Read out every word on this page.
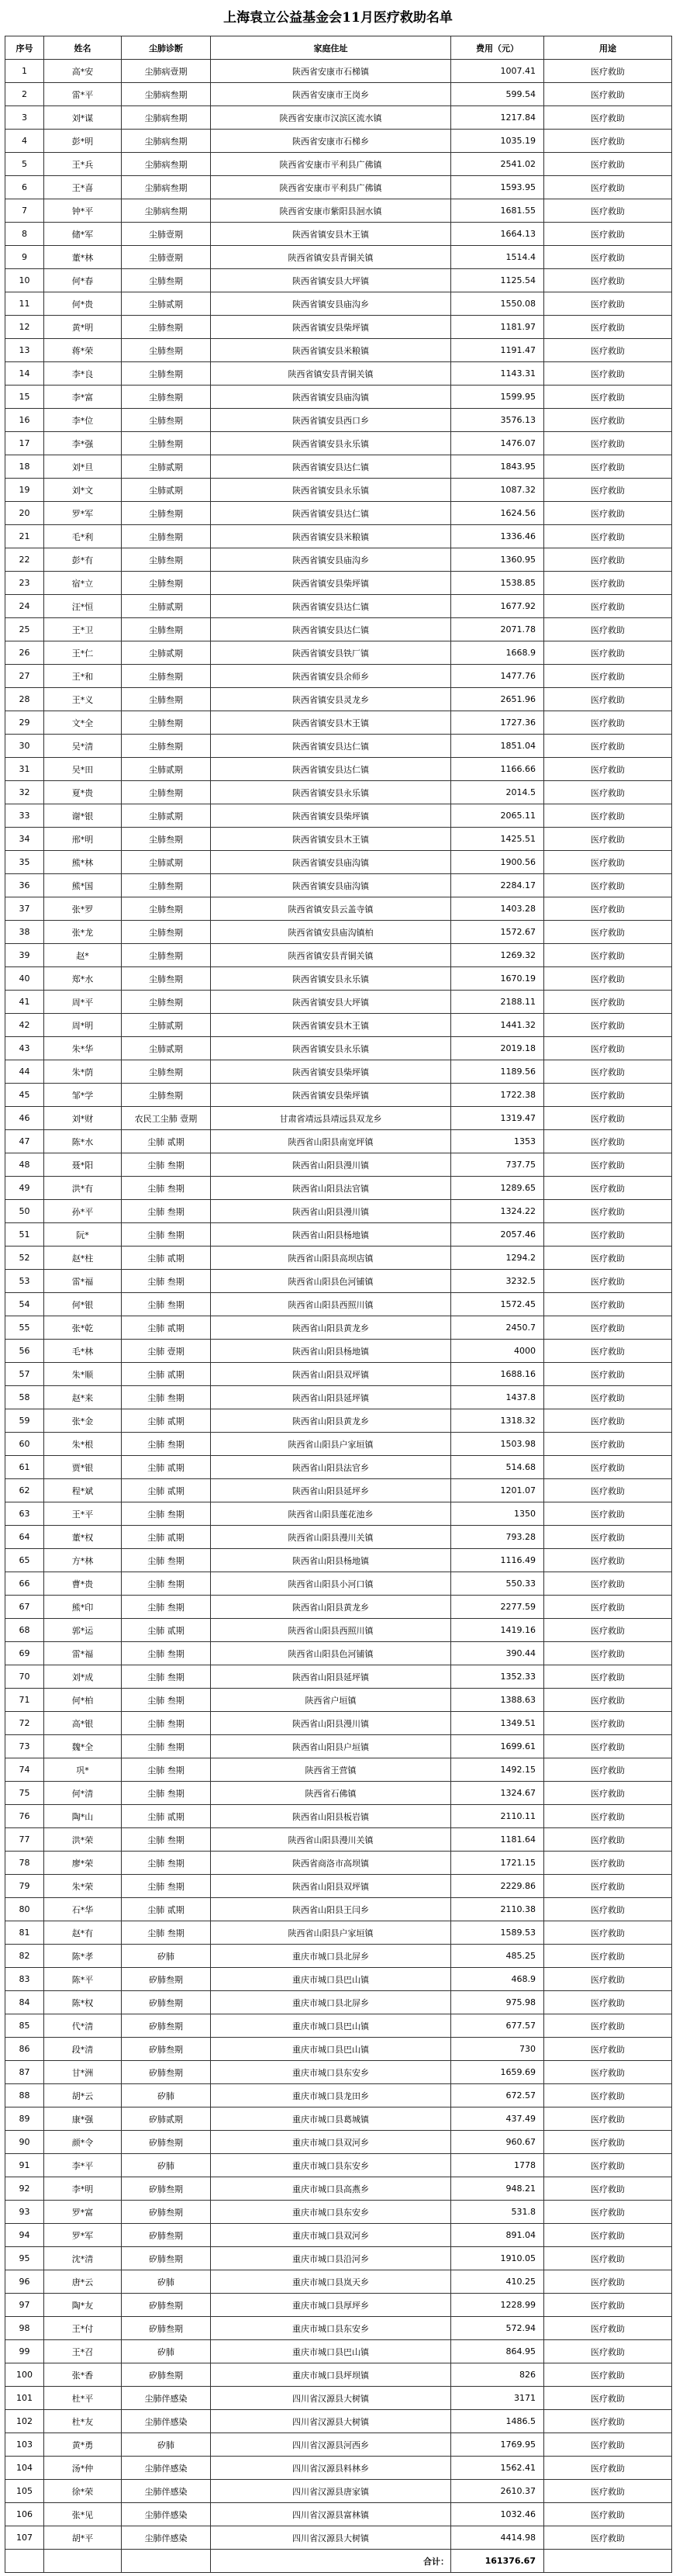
上海袁立公益基金会11月医疗救助名单
序号	姓名	尘肺诊断	家庭住址	费用（元）	用途
1	高*安	尘肺病壹期	陕西省安康市石梯镇	1007.41	医疗救助
2	雷*平	尘肺病叁期	陕西省安康市王岗乡	599.54	医疗救助
3	刘*谋	尘肺病叁期	陕西省安康市汉滨区流水镇	1217.84	医疗救助
4	彭*明	尘肺病叁期	陕西省安康市石梯乡	1035.19	医疗救助
5	王*兵	尘肺病叁期	陕西省安康市平利县广佛镇	2541.02	医疗救助
6	王*喜	尘肺病叁期	陕西省安康市平利县广佛镇	1593.95	医疗救助
7	钟*平	尘肺病叁期	陕西省安康市紫阳县洄水镇	1681.55	医疗救助
8	储*军	尘肺壹期	陕西省镇安县木王镇	1664.13	医疗救助
9	董*林	尘肺壹期	陕西省镇安县青铜关镇	1514.4	医疗救助
10	何*春	尘肺叁期	陕西省镇安县大坪镇	1125.54	医疗救助
11	何*贵	尘肺贰期	陕西省镇安县庙沟乡	1550.08	医疗救助
12	黄*明	尘肺叁期	陕西省镇安县柴坪镇	1181.97	医疗救助
13	蒋*荣	尘肺叁期	陕西省镇安县米粮镇	1191.47	医疗救助
14	李*良	尘肺叁期	陕西省镇安县青铜关镇	1143.31	医疗救助
15	李*富	尘肺叁期	陕西省镇安县庙沟镇	1599.95	医疗救助
16	李*位	尘肺叁期	陕西省镇安县西口乡	3576.13	医疗救助
17	李*强	尘肺叁期	陕西省镇安县永乐镇	1476.07	医疗救助
18	刘*旦	尘肺贰期	陕西省镇安县达仁镇	1843.95	医疗救助
19	刘*文	尘肺贰期	陕西省镇安县永乐镇	1087.32	医疗救助
20	罗*军	尘肺叁期	陕西省镇安县达仁镇	1624.56	医疗救助
21	毛*利	尘肺叁期	陕西省镇安县米粮镇	1336.46	医疗救助
22	彭*有	尘肺叁期	陕西省镇安县庙沟乡	1360.95	医疗救助
23	宿*立	尘肺叁期	陕西省镇安县柴坪镇	1538.85	医疗救助
24	汪*恒	尘肺贰期	陕西省镇安县达仁镇	1677.92	医疗救助
25	王*卫	尘肺叁期	陕西省镇安县达仁镇	2071.78	医疗救助
26	王*仁	尘肺贰期	陕西省镇安县铁厂镇	1668.9	医疗救助
27	王*和	尘肺叁期	陕西省镇安县余师乡	1477.76	医疗救助
28	王*义	尘肺叁期	陕西省镇安县灵龙乡	2651.96	医疗救助
29	文*全	尘肺叁期	陕西省镇安县木王镇	1727.36	医疗救助
30	吴*清	尘肺叁期	陕西省镇安县达仁镇	1851.04	医疗救助
31	吴*田	尘肺贰期	陕西省镇安县达仁镇	1166.66	医疗救助
32	夏*贵	尘肺叁期	陕西省镇安县永乐镇	2014.5	医疗救助
33	谢*银	尘肺贰期	陕西省镇安县柴坪镇	2065.11	医疗救助
34	邢*明	尘肺叁期	陕西省镇安县木王镇	1425.51	医疗救助
35	熊*林	尘肺贰期	陕西省镇安县庙沟镇	1900.56	医疗救助
36	熊*国	尘肺叁期	陕西省镇安县庙沟镇	2284.17	医疗救助
37	张*罗	尘肺叁期	陕西省镇安县云盖寺镇	1403.28	医疗救助
38	张*龙	尘肺叁期	陕西省镇安县庙沟镇柏	1572.67	医疗救助
39	赵*	尘肺叁期	陕西省镇安县青铜关镇	1269.32	医疗救助
40	郑*水	尘肺叁期	陕西省镇安县永乐镇	1670.19	医疗救助
41	周*平	尘肺叁期	陕西省镇安县大坪镇	2188.11	医疗救助
42	周*明	尘肺贰期	陕西省镇安县木王镇	1441.32	医疗救助
43	朱*华	尘肺贰期	陕西省镇安县永乐镇	2019.18	医疗救助
44	朱*荫	尘肺叁期	陕西省镇安县柴坪镇	1189.56	医疗救助
45	邹*学	尘肺叁期	陕西省镇安县柴坪镇	1722.38	医疗救助
46	刘*财	农民工尘肺 壹期	甘肃省靖远县靖远县双龙乡	1319.47	医疗救助
47	陈*水	尘肺 贰期	陕西省山阳县南宽坪镇	1353	医疗救助
48	聂*阳	尘肺 叁期	陕西省山阳县漫川镇	737.75	医疗救助
49	洪*有	尘肺 叁期	陕西省山阳县法官镇	1289.65	医疗救助
50	孙*平	尘肺 叁期	陕西省山阳县漫川镇	1324.22	医疗救助
51	阮*	尘肺 叁期	陕西省山阳县杨地镇	2057.46	医疗救助
52	赵*柱	尘肺 贰期	陕西省山阳县高坝店镇	1294.2	医疗救助
53	雷*福	尘肺 叁期	陕西省山阳县色河铺镇	3232.5	医疗救助
54	何*银	尘肺 叁期	陕西省山阳县西照川镇	1572.45	医疗救助
55	张*乾	尘肺 贰期	陕西省山阳县黄龙乡	2450.7	医疗救助
56	毛*林	尘肺 壹期	陕西省山阳县杨地镇	4000	医疗救助
57	朱*顺	尘肺 贰期	陕西省山阳县双坪镇	1688.16	医疗救助
58	赵*来	尘肺 叁期	陕西省山阳县延坪镇	1437.8	医疗救助
59	张*金	尘肺 贰期	陕西省山阳县黄龙乡	1318.32	医疗救助
60	朱*根	尘肺 叁期	陕西省山阳县户家垣镇	1503.98	医疗救助
61	贾*银	尘肺 贰期	陕西省山阳县法官乡	514.68	医疗救助
62	程*斌	尘肺 贰期	陕西省山阳县延坪乡	1201.07	医疗救助
63	王*平	尘肺 叁期	陕西省山阳县莲花池乡	1350	医疗救助
64	董*权	尘肺 贰期	陕西省山阳县漫川关镇	793.28	医疗救助
65	方*林	尘肺 叁期	陕西省山阳县杨地镇	1116.49	医疗救助
66	曹*贵	尘肺 叁期	陕西省山阳县小河口镇	550.33	医疗救助
67	熊*印	尘肺 叁期	陕西省山阳县黄龙乡	2277.59	医疗救助
68	郭*运	尘肺 贰期	陕西省山阳县西照川镇	1419.16	医疗救助
69	雷*福	尘肺 叁期	陕西省山阳县色河铺镇	390.44	医疗救助
70	刘*成	尘肺 叁期	陕西省山阳县延坪镇	1352.33	医疗救助
71	何*柏	尘肺 叁期	陕西省户垣镇	1388.63	医疗救助
72	高*银	尘肺 叁期	陕西省山阳县漫川镇	1349.51	医疗救助
73	魏*全	尘肺 叁期	陕西省山阳县户垣镇	1699.61	医疗救助
74	巩*	尘肺 叁期	陕西省王营镇	1492.15	医疗救助
75	何*清	尘肺 叁期	陕西省石佛镇	1324.67	医疗救助
76	陶*山	尘肺 贰期	陕西省山阳县板岩镇	2110.11	医疗救助
77	洪*荣	尘肺 叁期	陕西省山阳县漫川关镇	1181.64	医疗救助
78	廖*荣	尘肺 叁期	陕西省商洛市高坝镇	1721.15	医疗救助
79	朱*荣	尘肺 叁期	陕西省山阳县双坪镇	2229.86	医疗救助
80	石*华	尘肺 贰期	陕西省山阳县王闫乡	2110.38	医疗救助
81	赵*有	尘肺 叁期	陕西省山阳县户家垣镇	1589.53	医疗救助
82	陈*孝	矽肺	重庆市城口县北屏乡	485.25	医疗救助
83	陈*平	矽肺叁期	重庆市城口县巴山镇	468.9	医疗救助
84	陈*权	矽肺叁期	重庆市城口县北屏乡	975.98	医疗救助
85	代*清	矽肺叁期	重庆市城口县巴山镇	677.57	医疗救助
86	段*清	矽肺叁期	重庆市城口县巴山镇	730	医疗救助
87	甘*洲	矽肺叁期	重庆市城口县东安乡	1659.69	医疗救助
88	胡*云	矽肺	重庆市城口县龙田乡	672.57	医疗救助
89	康*强	矽肺贰期	重庆市城口县葛城镇	437.49	医疗救助
90	颜*令	矽肺叁期	重庆市城口县双河乡	960.67	医疗救助
91	李*平	矽肺	重庆市城口县东安乡	1778	医疗救助
92	李*明	矽肺叁期	重庆市城口县高燕乡	948.21	医疗救助
93	罗*富	矽肺叁期	重庆市城口县东安乡	531.8	医疗救助
94	罗*军	矽肺叁期	重庆市城口县双河乡	891.04	医疗救助
95	沈*清	矽肺叁期	重庆市城口县沿河乡	1910.05	医疗救助
96	唐*云	矽肺	重庆市城口县岚天乡	410.25	医疗救助
97	陶*友	矽肺叁期	重庆市城口县厚坪乡	1228.99	医疗救助
98	王*付	矽肺叁期	重庆市城口县东安乡	572.94	医疗救助
99	王*召	矽肺	重庆市城口县巴山镇	864.95	医疗救助
100	张*香	矽肺叁期	重庆市城口县坪坝镇	826	医疗救助
101	杜*平	尘肺伴感染	四川省汉源县大树镇	3171	医疗救助
102	杜*友	尘肺伴感染	四川省汉源县大树镇	1486.5	医疗救助
103	黄*勇	矽肺	四川省汉源县河西乡	1769.95	医疗救助
104	汤*仲	尘肺伴感染	四川省汉源县料林乡	1562.41	医疗救助
105	徐*荣	尘肺伴感染	四川省汉源县唐家镇	2610.37	医疗救助
106	张*见	尘肺伴感染	四川省汉源县富林镇	1032.46	医疗救助
107	胡*平	尘肺伴感染	四川省汉源县大树镇	4414.98	医疗救助
			合计：	161376.67	
